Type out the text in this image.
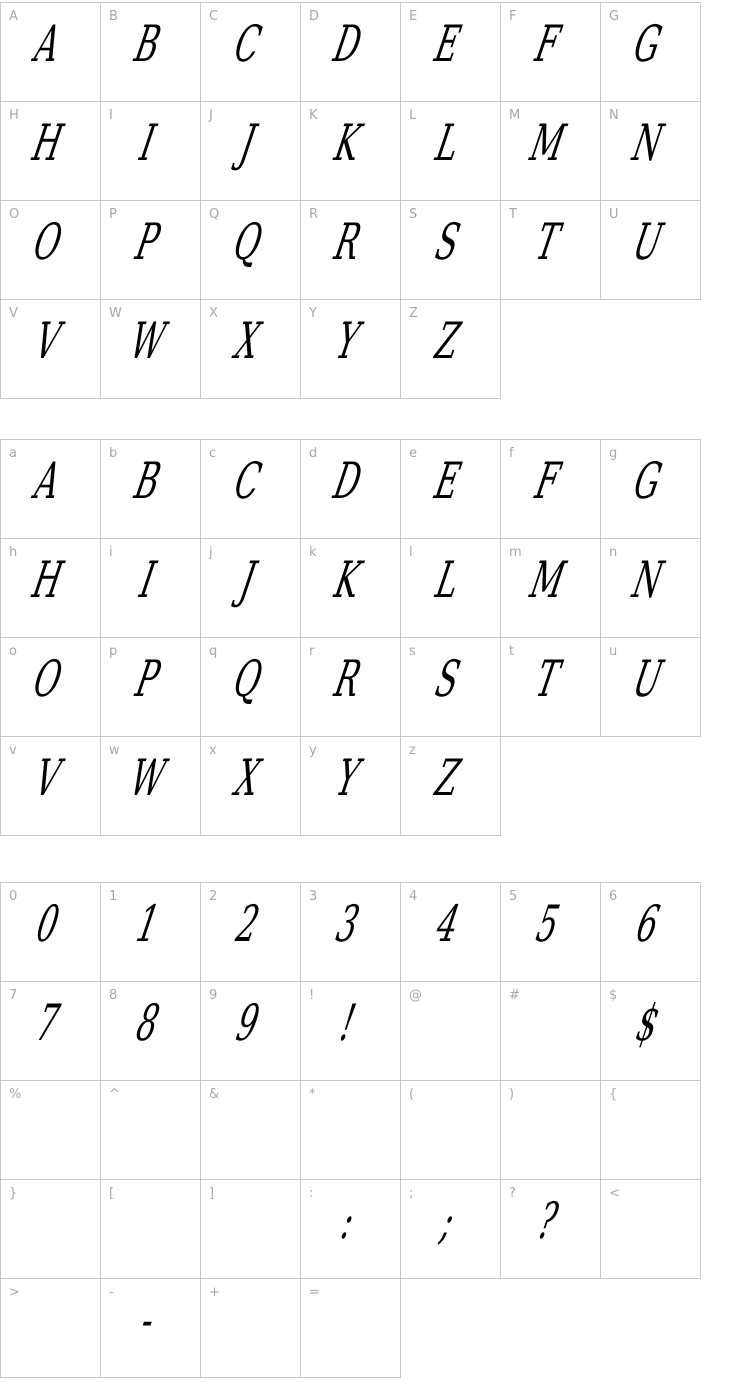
A A	B B	C C	D D	E E	F F	G G
H H	I I	J J	K K	L L	M M	N N
O O	P P	Q Q	R R	S S	T T	U U
V V	W W	X X	Y Y	Z Z
a A	b B	c C	d D	e E	f F	g G
h H	i I	j J	k K	l L	m M	n N
o O	p P	q Q	r R	s S	t T	u U
v V	w W	x X	y Y	z Z
0 0	1 1	2 2	3 3	4 4	5 5	6 6
7 7	8 8	9 9	! !	@	#	$ $
%	^	&	*	(	)	{
}	[	]	: :	; ;	? ?	<
>	- -	+	=
